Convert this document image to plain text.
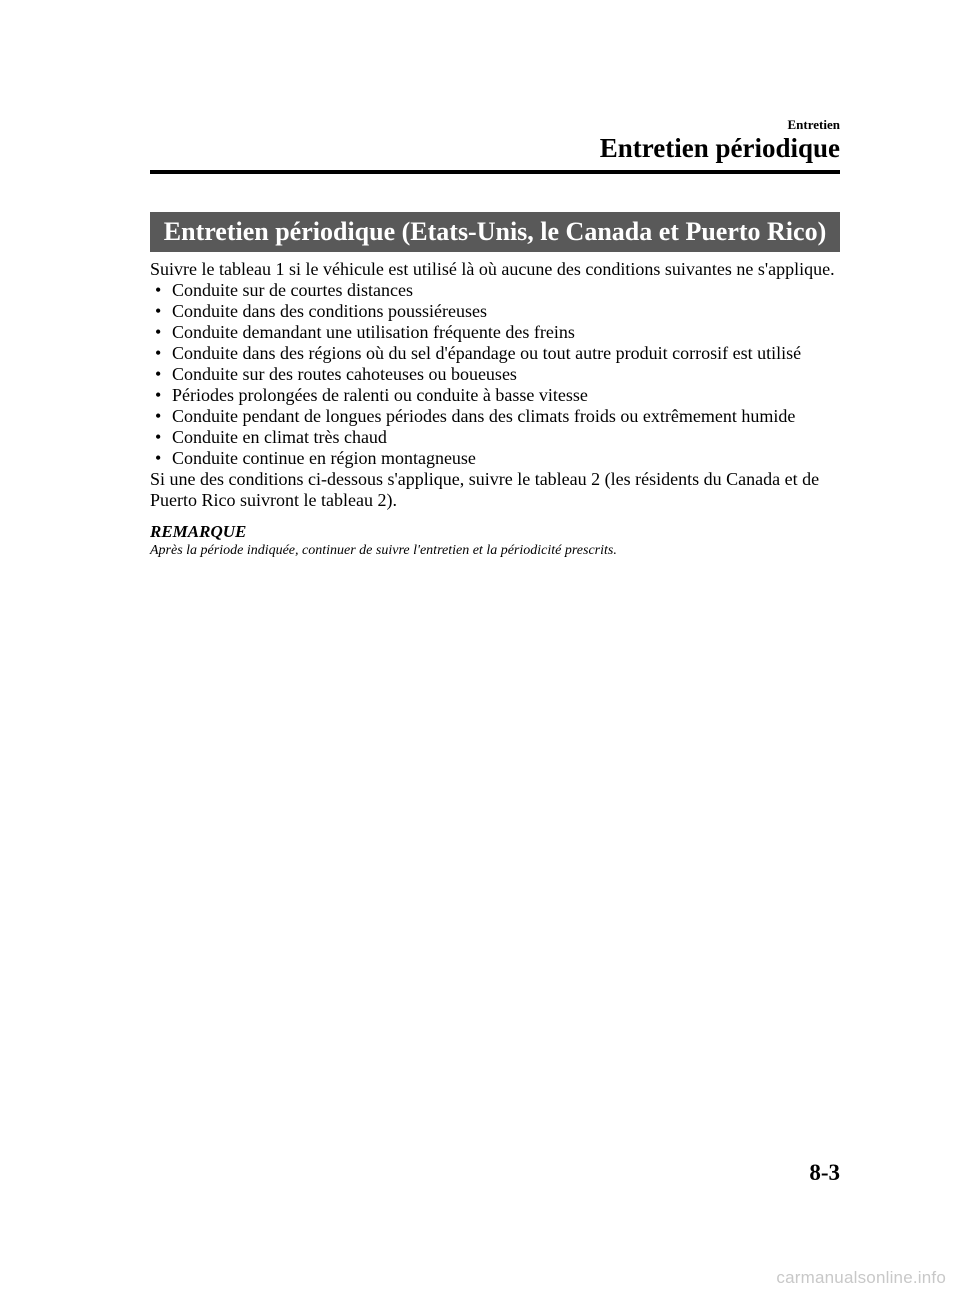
Entretien
Entretien périodique
Entretien périodique (Etats-Unis, le Canada et Puerto Rico)

Suivre le tableau 1 si le véhicule est utilisé là où aucune des conditions suivantes ne s'applique.

• Conduite sur de courtes distances
• Conduite dans des conditions poussiéreuses
• Conduite demandant une utilisation fréquente des freins
• Conduite dans des régions où du sel d'épandage ou tout autre produit corrosif est utilisé
• Conduite sur des routes cahoteuses ou boueuses
• Périodes prolongées de ralenti ou conduite à basse vitesse
• Conduite pendant de longues périodes dans des climats froids ou extrêmement humide
• Conduite en climat très chaud
• Conduite continue en région montagneuse

Si une des conditions ci-dessous s'applique, suivre le tableau 2 (les résidents du Canada et de Puerto Rico suivront le tableau 2).

REMARQUE

Après la période indiquée, continuer de suivre l'entretien et la périodicité prescrits.

8-3
carmanualsonline.info
